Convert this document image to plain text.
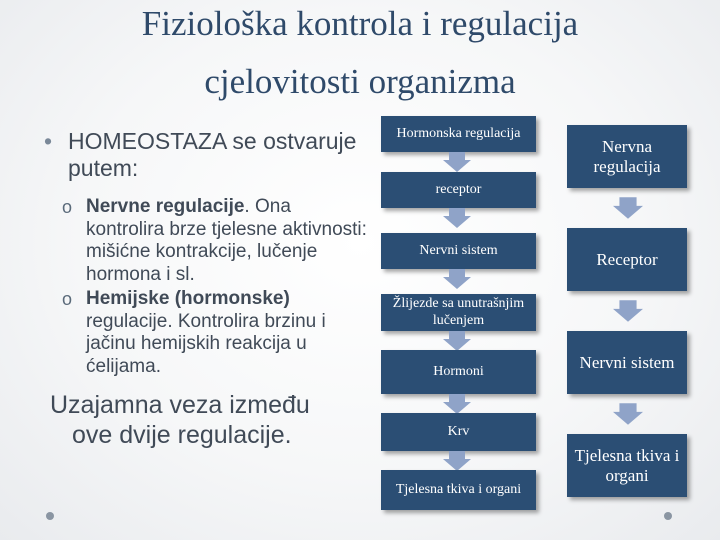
Fiziološka kontrola i regulacija
cjelovitosti organizma
• HOMEOSTAZA se ostvaruje putem:
o Nervne regulacije. Ona kontrolira brze tjelesne aktivnosti: mišićne kontrakcije, lučenje hormona i sl.
o Hemijske (hormonske) regulacije. Kontrolira brzinu i jačinu hemijskih reakcija u ćelijama.
Uzajamna veza između
ove dvije regulacije.
Hormonska regulacija
receptor
Nervni sistem
Žlijezde sa unutrašnjim lučenjem
Hormoni
Krv
Tjelesna tkiva i organi
Nervna regulacija
Receptor
Nervni sistem
Tjelesna tkiva i organi
